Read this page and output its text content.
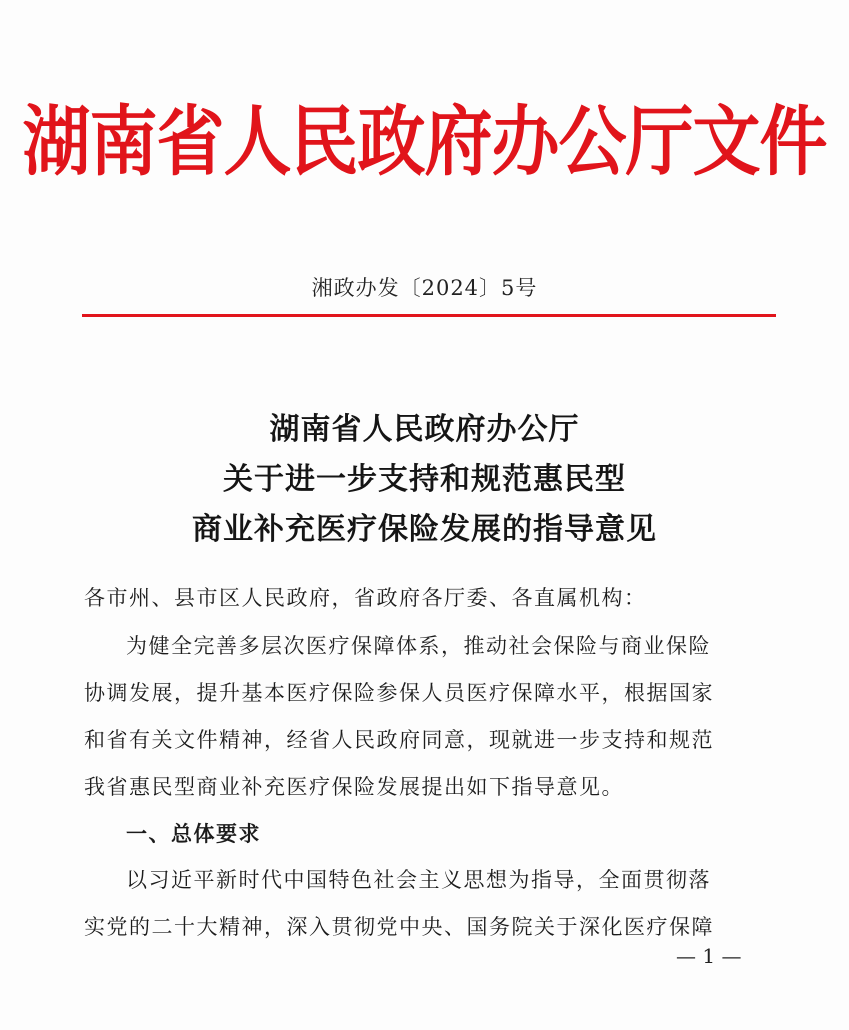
湖南省人民政府办公厅文件
湘政办发〔2024〕5号
湖南省人民政府办公厅
关于进一步支持和规范惠民型
商业补充医疗保险发展的指导意见
各市州、县市区人民政府，省政府各厅委、各直属机构：
为健全完善多层次医疗保障体系，推动社会保险与商业保险
协调发展，提升基本医疗保险参保人员医疗保障水平，根据国家
和省有关文件精神，经省人民政府同意，现就进一步支持和规范
我省惠民型商业补充医疗保险发展提出如下指导意见。
一、总体要求
以习近平新时代中国特色社会主义思想为指导，全面贯彻落
实党的二十大精神，深入贯彻党中央、国务院关于深化医疗保障
— 1 —
